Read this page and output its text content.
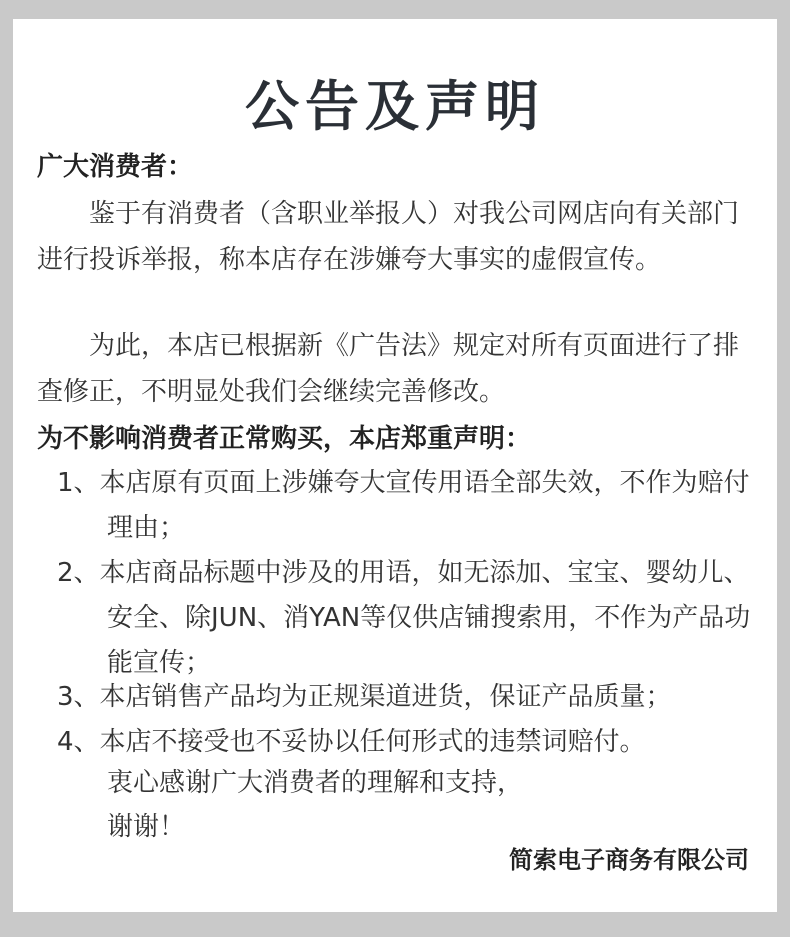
公告及声明
广大消费者：
鉴于有消费者（含职业举报人）对我公司网店向有关部门进行投诉举报，称本店存在涉嫌夸大事实的虚假宣传。
为此，本店已根据新《广告法》规定对所有页面进行了排查修正，不明显处我们会继续完善修改。
为不影响消费者正常购买，本店郑重声明：
1、本店原有页面上涉嫌夸大宣传用语全部失效，不作为赔付理由；
2、本店商品标题中涉及的用语，如无添加、宝宝、婴幼儿、安全、除JUN、消YAN等仅供店铺搜索用，不作为产品功能宣传；
3、本店销售产品均为正规渠道进货，保证产品质量；
4、本店不接受也不妥协以任何形式的违禁词赔付。
衷心感谢广大消费者的理解和支持，
谢谢！
简索电子商务有限公司
